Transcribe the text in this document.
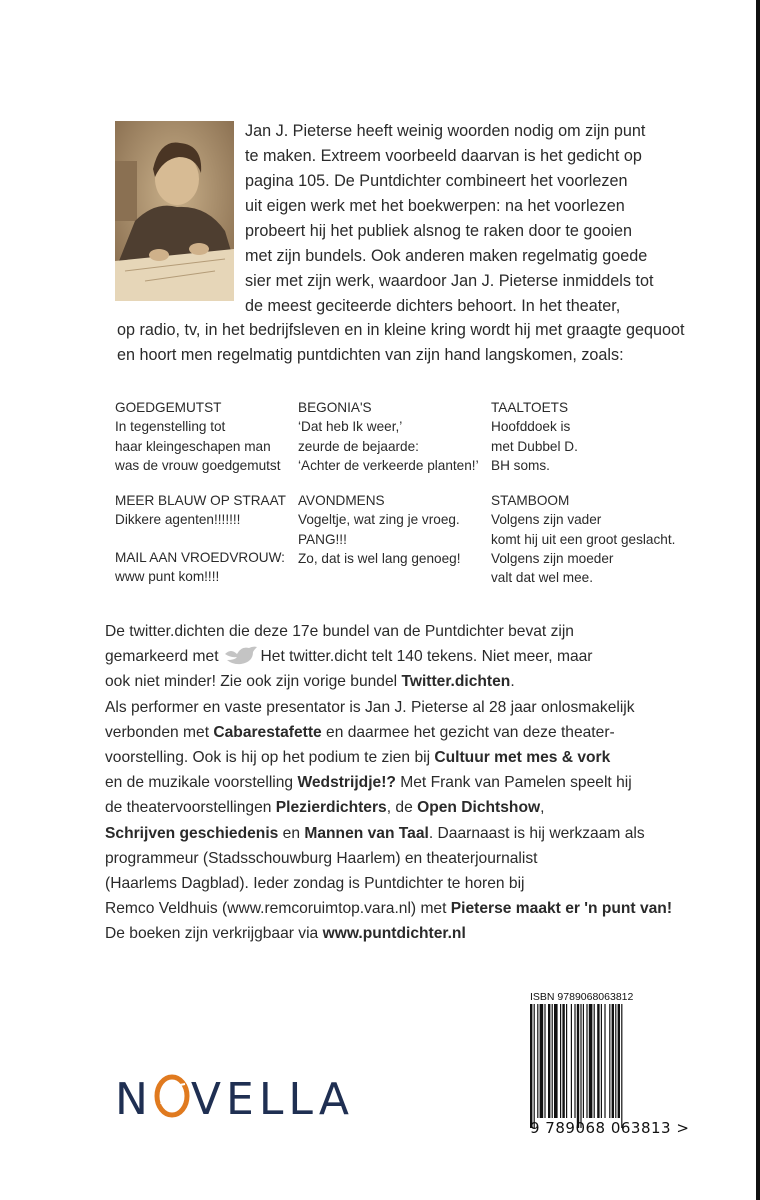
Jan J. Pieterse heeft weinig woorden nodig om zijn punt
te maken. Extreem voorbeeld daarvan is het gedicht op
pagina 105. De Puntdichter combineert het voorlezen
uit eigen werk met het boekwerpen: na het voorlezen
probeert hij het publiek alsnog te raken door te gooien
met zijn bundels. Ook anderen maken regelmatig goede
sier met zijn werk, waardoor Jan J. Pieterse inmiddels tot
de meest geciteerde dichters behoort. In het theater,
op radio, tv, in het bedrijfsleven en in kleine kring wordt hij met graagte gequoot
en hoort men regelmatig puntdichten van zijn hand langskomen, zoals:
GOEDGEMUTST
In tegenstelling tot
haar kleingeschapen man
was de vrouw goedgemutst
BEGONIA'S
‘Dat heb Ik weer,’
zeurde de bejaarde:
‘Achter de verkeerde planten!’
TAALTOETS
Hoofddoek is
met Dubbel D.
BH soms.
MEER BLAUW OP STRAAT
Dikkere agenten!!!!!!!
AVONDMENS
Vogeltje, wat zing je vroeg.
PANG!!!
Zo, dat is wel lang genoeg!
STAMBOOM
Volgens zijn vader
komt hij uit een groot geslacht.
Volgens zijn moeder
valt dat wel mee.
MAIL AAN VROEDVROUW:
www punt kom!!!!
De twitter.dichten die deze 17e bundel van de Puntdichter bevat zijn
gemarkeerd met	Het twitter.dicht telt 140 tekens. Niet meer, maar
ook niet minder! Zie ook zijn vorige bundel Twitter.dichten.
Als performer en vaste presentator is Jan J. Pieterse al 28 jaar onlosmakelijk
verbonden met Cabarestafette en daarmee het gezicht van deze theater-
voorstelling. Ook is hij op het podium te zien bij Cultuur met mes & vork
en de muzikale voorstelling Wedstrijdje!? Met Frank van Pamelen speelt hij
de theatervoorstellingen Plezierdichters, de Open Dichtshow,
Schrijven geschiedenis en Mannen van Taal. Daarnaast is hij werkzaam als
programmeur (Stadsschouwburg Haarlem) en theaterjournalist
(Haarlems Dagblad). Ieder zondag is Puntdichter te horen bij
Remco Veldhuis (www.remcoruimtop.vara.nl) met Pieterse maakt er 'n punt van!
De boeken zijn verkrijgbaar via www.puntdichter.nl
ISBN 9789068063812
9 789068 063813 >
N VELLA
